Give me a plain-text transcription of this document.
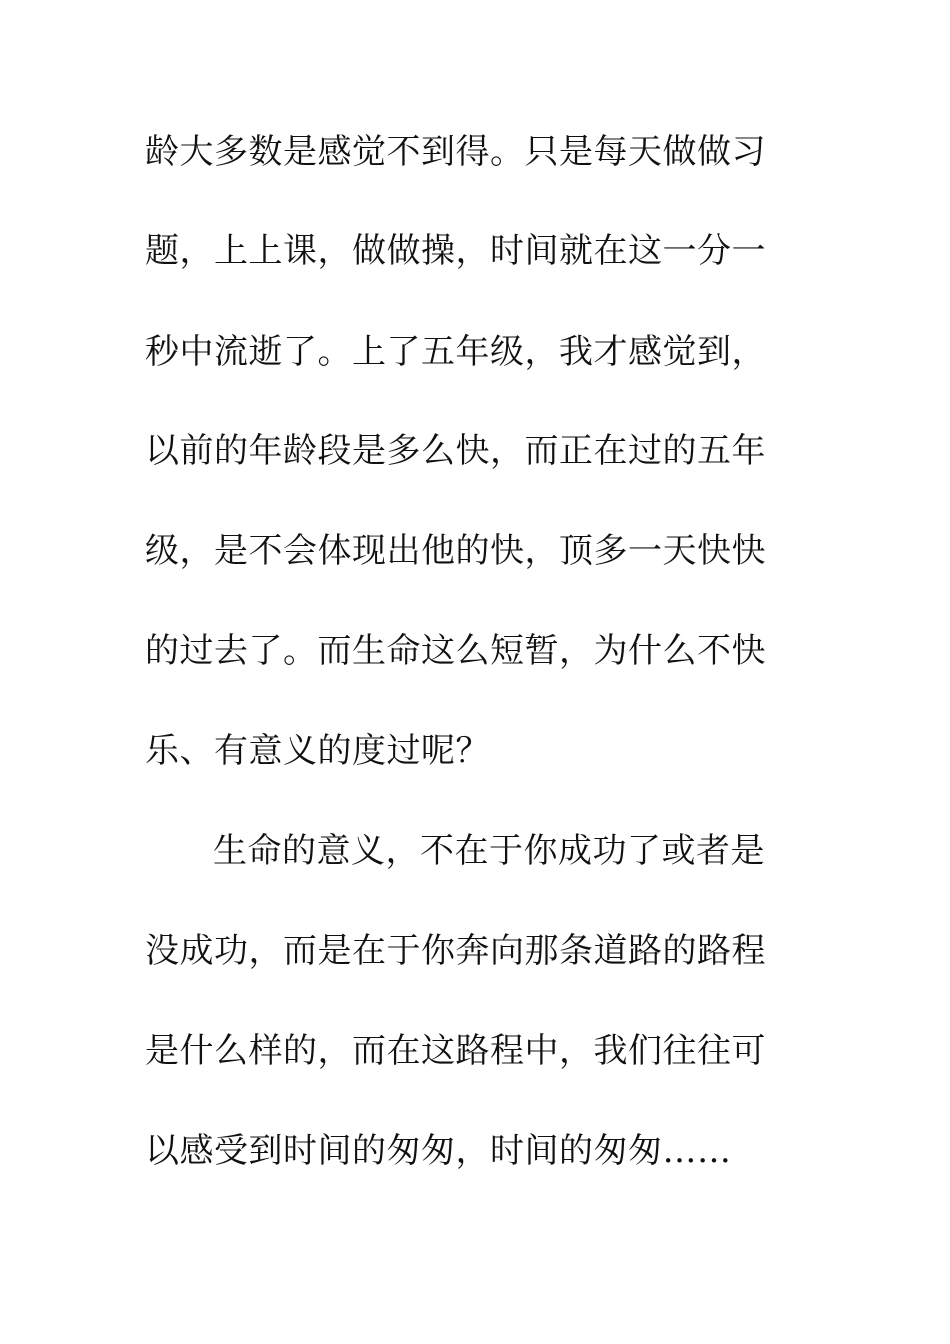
龄大多数是感觉不到得。只是每天做做习
题，上上课，做做操，时间就在这一分一
秒中流逝了。上了五年级，我才感觉到，
以前的年龄段是多么快，而正在过的五年
级，是不会体现出他的快，顶多一天快快
的过去了。而生命这么短暂，为什么不快
乐、有意义的度过呢？
生命的意义，不在于你成功了或者是
没成功，而是在于你奔向那条道路的路程
是什么样的，而在这路程中，我们往往可
以感受到时间的匆匆，时间的匆匆……
